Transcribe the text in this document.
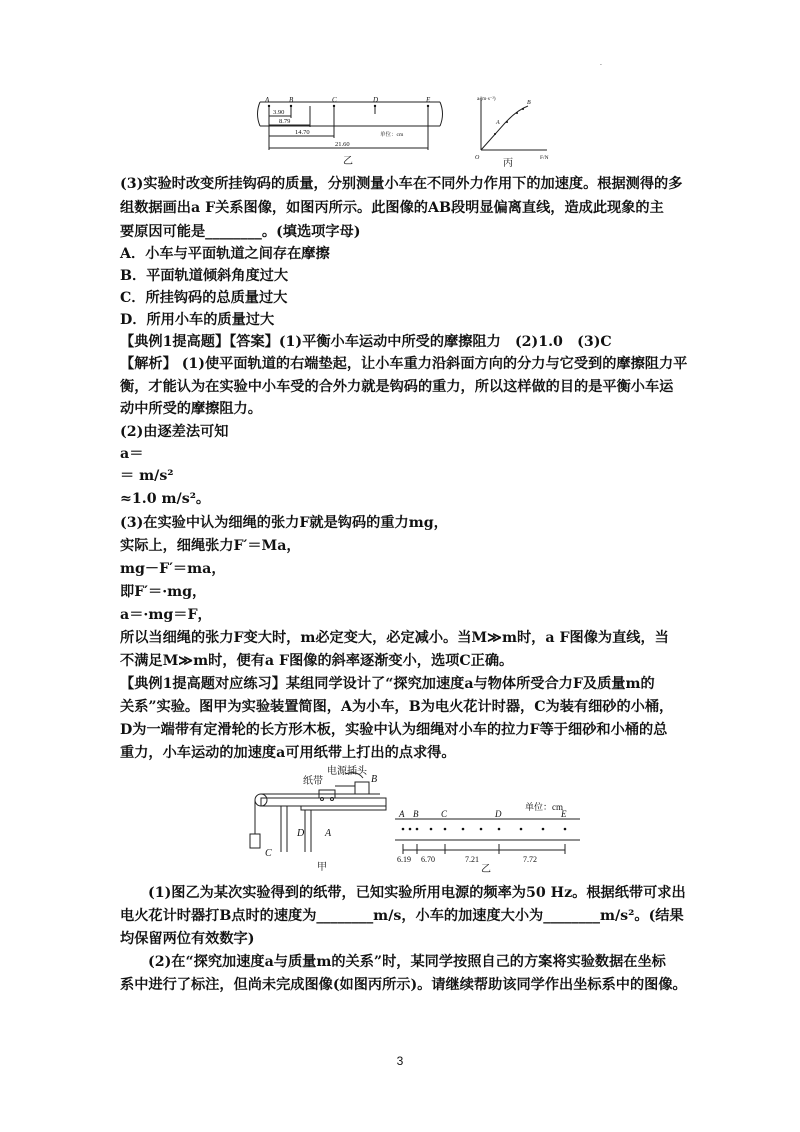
.
A	B	C	D	E
3.90
8.79
14.70
21.60
单位：cm
乙
a/(m·s⁻²)
F/N
O
A
B
丙
(3)实验时改变所挂钩码的质量，分别测量小车在不同外力作用下的加速度。根据测得的多
组数据画出a F关系图像，如图丙所示。此图像的AB段明显偏离直线，造成此现象的主
要原因可能是________。(填选项字母)
A．小车与平面轨道之间存在摩擦
B．平面轨道倾斜角度过大
C．所挂钩码的总质量过大
D．所用小车的质量过大
【典例1提高题】【答案】(1)平衡小车运动中所受的摩擦阻力　(2)1.0　(3)C
【解析】 (1)使平面轨道的右端垫起，让小车重力沿斜面方向的分力与它受到的摩擦阻力平
衡，才能认为在实验中小车受的合外力就是钩码的重力，所以这样做的目的是平衡小车运
动中所受的摩擦阻力。
(2)由逐差法可知
a＝
＝ m/s²
≈1.0 m/s²。
(3)在实验中认为细绳的张力F就是钩码的重力mg，
实际上，细绳张力F′＝Ma，
mg－F′＝ma，
即F′＝·mg，
a＝·mg＝F，
所以当细绳的张力F变大时，m必定变大，必定减小。当M≫m时，a F图像为直线，当
不满足M≫m时，便有a F图像的斜率逐渐变小，选项C正确。
【典例1提高题对应练习】某组同学设计了“探究加速度a与物体所受合力F及质量m的
关系”实验。图甲为实验装置简图，A为小车，B为电火花计时器，C为装有细砂的小桶，
D为一端带有定滑轮的长方形木板，实验中认为细绳对小车的拉力F等于细砂和小桶的总
重力，小车运动的加速度a可用纸带上打出的点求得。
电源插头
纸带	B
D A
C
甲
单位：cm
A B	C	D	E
6.19 6.70	7.21	7.72
乙
(1)图乙为某次实验得到的纸带，已知实验所用电源的频率为50 Hz。根据纸带可求出
电火花计时器打B点时的速度为________m/s，小车的加速度大小为________m/s²。(结果
均保留两位有效数字)
(2)在“探究加速度a与质量m的关系”时，某同学按照自己的方案将实验数据在坐标
系中进行了标注，但尚未完成图像(如图丙所示)。请继续帮助该同学作出坐标系中的图像。
3
